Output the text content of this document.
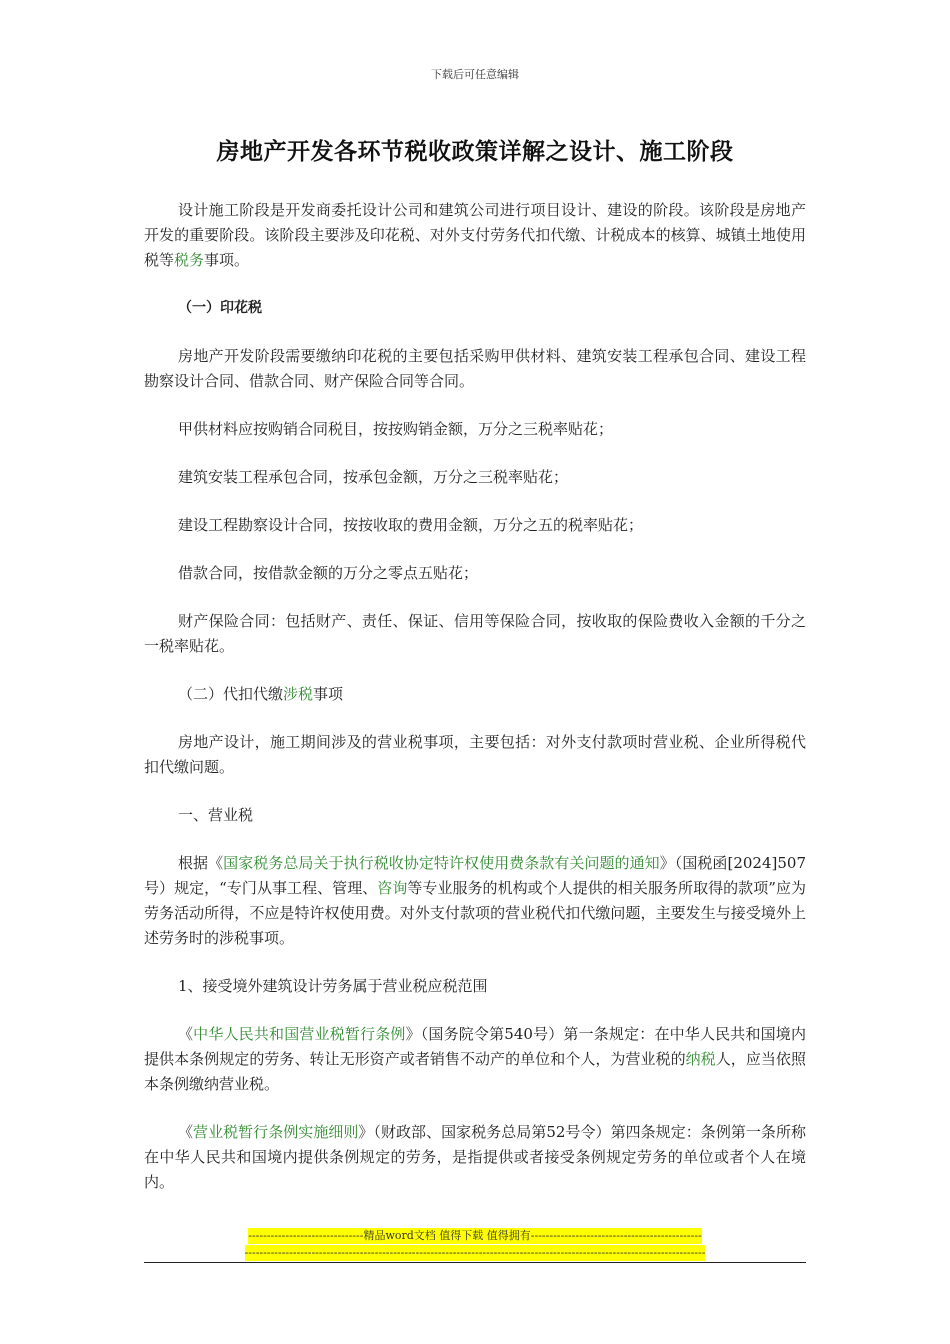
下载后可任意编辑
房地产开发各环节税收政策详解之设计、施工阶段

设计施工阶段是开发商委托设计公司和建筑公司进行项目设计、建设的阶段。该阶段是房地产开发的重要阶段。该阶段主要涉及印花税、对外支付劳务代扣代缴、计税成本的核算、城镇土地使用税等税务事项。

（一）印花税

房地产开发阶段需要缴纳印花税的主要包括采购甲供材料、建筑安装工程承包合同、建设工程勘察设计合同、借款合同、财产保险合同等合同。

甲供材料应按购销合同税目，按按购销金额，万分之三税率贴花；

建筑安装工程承包合同，按承包金额，万分之三税率贴花；

建设工程勘察设计合同，按按收取的费用金额，万分之五的税率贴花；

借款合同，按借款金额的万分之零点五贴花；

财产保险合同：包括财产、责任、保证、信用等保险合同，按收取的保险费收入金额的千分之一税率贴花。

（二）代扣代缴涉税事项

房地产设计，施工期间涉及的营业税事项，主要包括：对外支付款项时营业税、企业所得税代扣代缴问题。

一、营业税

根据《国家税务总局关于执行税收协定特许权使用费条款有关问题的通知》（国税函[2024]507号）规定，“专门从事工程、管理、咨询等专业服务的机构或个人提供的相关服务所取得的款项”应为劳务活动所得，不应是特许权使用费。对外支付款项的营业税代扣代缴问题，主要发生与接受境外上述劳务时的涉税事项。

1、接受境外建筑设计劳务属于营业税应税范围

《中华人民共和国营业税暂行条例》（国务院令第540号）第一条规定：在中华人民共和国境内提供本条例规定的劳务、转让无形资产或者销售不动产的单位和个人，为营业税的纳税人，应当依照本条例缴纳营业税。

《营业税暂行条例实施细则》（财政部、国家税务总局第52号令）第四条规定：条例第一条所称在中华人民共和国境内提供条例规定的劳务，是指提供或者接受条例规定劳务的单位或者个人在境内。

-------------------------------精品word文档 值得下载 值得拥有----------------------------------------------
----------------------------------------------------------------------------------------------------------------------------
